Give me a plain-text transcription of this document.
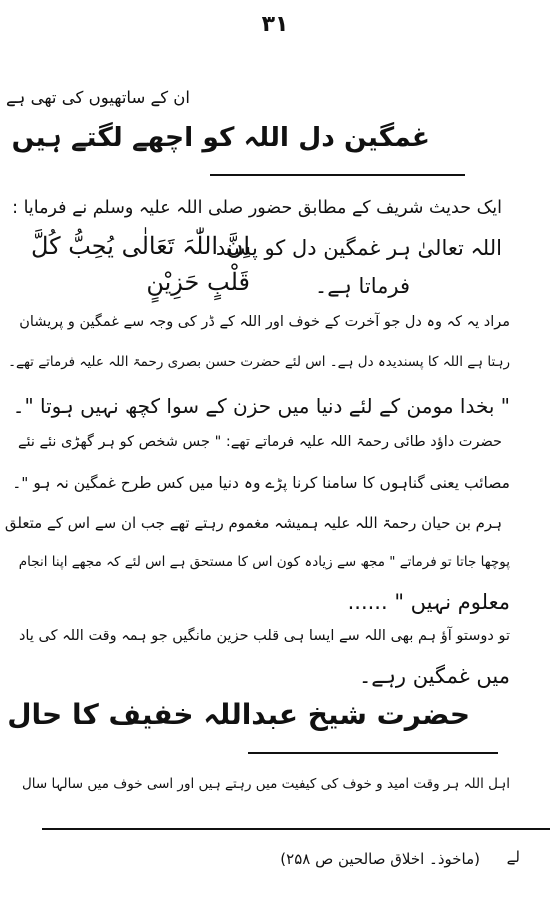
۳۱
ان کے ساتھیوں کی تھی ہے
غمگین دل اللہ کو اچھے لگتے ہیں
ایک حدیث شریف کے مطابق حضور صلی اللہ علیہ وسلم نے فرمایا :
اِنَّ اللّٰہَ تَعَالٰی یُحِبُّ کُلَّ
اللہ تعالیٰ ہر غمگین دل کو پسند
قَلْبٍ حَزِیْنٍ	فرماتا ہے۔
مراد یہ کہ وہ دل جو آخرت کے خوف اور اللہ کے ڈر کی وجہ سے غمگین و پریشان
رہتا ہے اللہ کا پسندیدہ دل ہے۔ اس لئے حضرت حسن بصری رحمۃ اللہ علیہ فرماتے تھے۔
" بخدا مومن کے لئے دنیا میں حزن کے سوا کچھ نہیں ہوتا "۔
حضرت داؤد طائی رحمۃ اللہ علیہ فرماتے تھے: " جس شخص کو ہر گھڑی نئے نئے
مصائب یعنی گناہوں کا سامنا کرنا پڑے وہ دنیا میں کس طرح غمگین نہ ہو "۔
ہرم بن حیان رحمۃ اللہ علیہ ہمیشہ مغموم رہتے تھے جب ان سے اس کے متعلق
پوچھا جاتا تو فرماتے " مجھ سے زیادہ کون اس کا مستحق ہے اس لئے کہ مجھے اپنا انجام
معلوم نہیں " ......
تو دوستو آؤ ہم بھی اللہ سے ایسا ہی قلب حزین مانگیں جو ہمہ وقت اللہ کی یاد
میں غمگین رہے۔
حضرت شیخ عبداللہ خفیف کا حال
اہل اللہ ہر وقت امید و خوف کی کیفیت میں رہتے ہیں اور اسی خوف میں سالہا سال
لے
(ماخوذ۔ اخلاق صالحین ص ۲۵۸)
